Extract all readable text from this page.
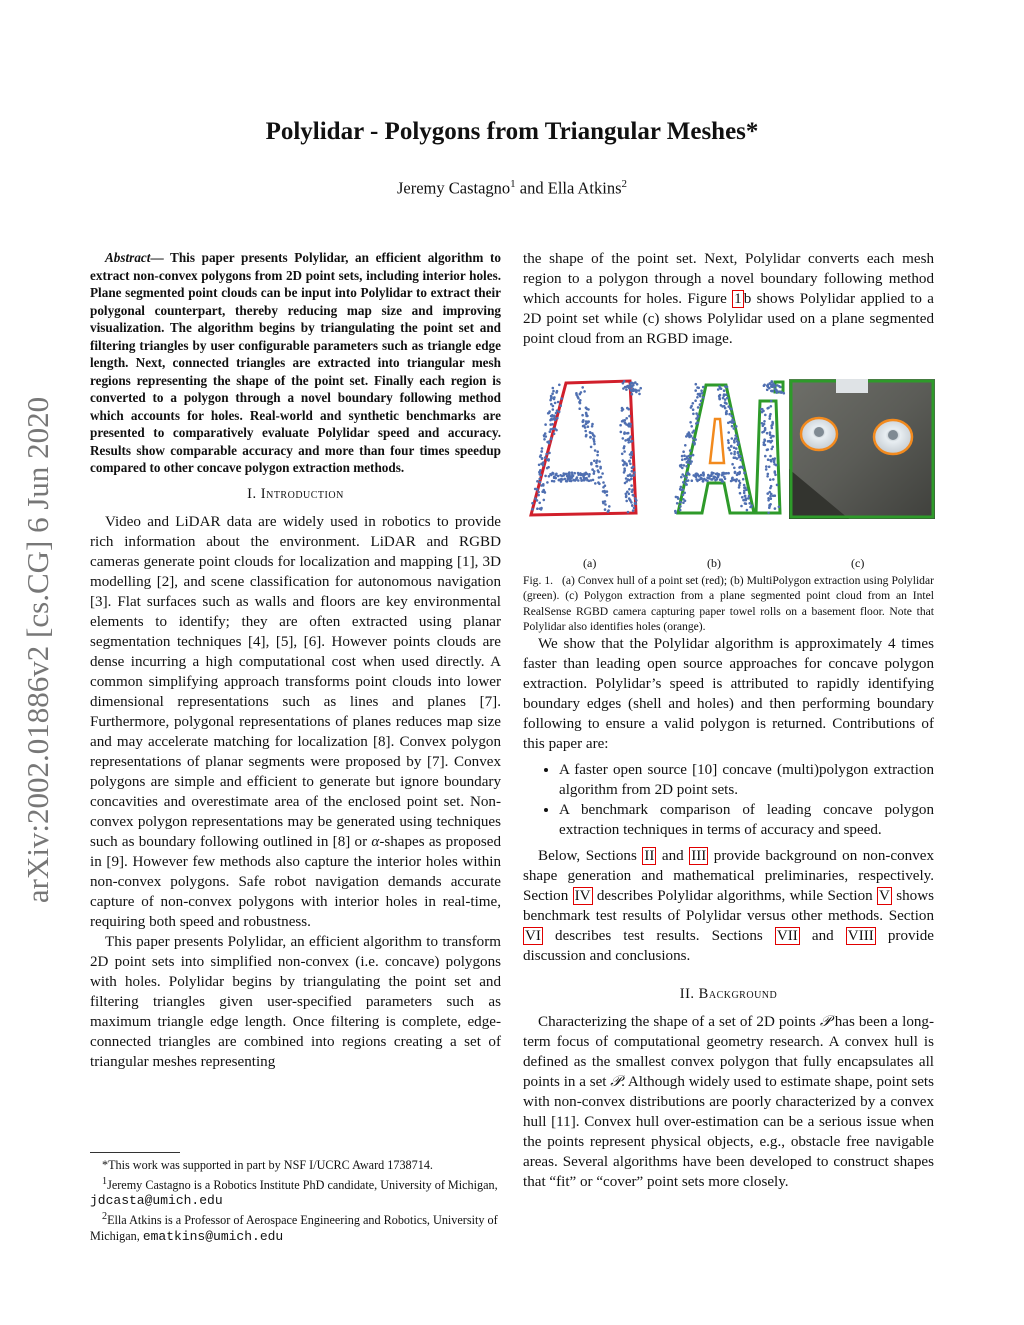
Polylidar - Polygons from Triangular Meshes*
Jeremy Castagno$^1$ and Ella Atkins$^2$
arXiv:2002.01886v2 [cs.CG] 6 Jun 2020

Abstract— This paper presents Polylidar, an efficient algorithm to extract non-convex polygons from 2D point sets, including interior holes. Plane segmented point clouds can be input into Polylidar to extract their polygonal counterpart, thereby reducing map size and improving visualization. The algorithm begins by triangulating the point set and filtering triangles by user configurable parameters such as triangle edge length. Next, connected triangles are extracted into triangular mesh regions representing the shape of the point set. Finally each region is converted to a polygon through a novel boundary following method which accounts for holes. Real-world and synthetic benchmarks are presented to comparatively evaluate Polylidar speed and accuracy. Results show comparable accuracy and more than four times speedup compared to other concave polygon extraction methods.

I. Introduction

Video and LiDAR data are widely used in robotics to provide rich information about the environment. LiDAR and RGBD cameras generate point clouds for localization and mapping [1], 3D modelling [2], and scene classification for autonomous navigation [3]. Flat surfaces such as walls and floors are key environmental elements to identify; they are often extracted using planar segmentation techniques [4], [5], [6]. However points clouds are dense incurring a high computational cost when used directly. A common simplifying approach transforms point clouds into lower dimensional representations such as lines and planes [7]. Furthermore, polygonal representations of planes reduces map size and may accelerate matching for localization [8]. Convex polygon representations of planar segments were proposed by [7]. Convex polygons are simple and efficient to generate but ignore boundary concavities and overestimate area of the enclosed point set. Non-convex polygon representations may be generated using techniques such as boundary following outlined in [8] or α-shapes as proposed in [9]. However few methods also capture the interior holes within non-convex polygons. Safe robot navigation demands accurate capture of non-convex polygons with interior holes in real-time, requiring both speed and robustness.

This paper presents Polylidar, an efficient algorithm to transform 2D point sets into simplified non-convex (i.e. concave) polygons with holes. Polylidar begins by triangulating the point set and filtering triangles given user-specified parameters such as maximum triangle edge length. Once filtering is complete, edge-connected triangles are combined into regions creating a set of triangular meshes representing

*This work was supported in part by NSF I/UCRC Award 1738714.

$^1$Jeremy Castagno is a Robotics Institute PhD candidate, University of Michigan, jdcasta@umich.edu

$^2$Ella Atkins is a Professor of Aerospace Engineering and Robotics, University of Michigan, ematkins@umich.edu

the shape of the point set. Next, Polylidar converts each mesh region to a polygon through a novel boundary following method which accounts for holes. Figure 1 b shows Polylidar applied to a 2D point set while (c) shows Polylidar used on a plane segmented point cloud from an RGBD image.

(a)	(b)	(c)

Fig. 1. (a) Convex hull of a point set (red); (b) MultiPolygon extraction using Polylidar (green). (c) Polygon extraction from a plane segmented point cloud from an Intel RealSense RGBD camera capturing paper towel rolls on a basement floor. Note that Polylidar also identifies holes (orange).

We show that the Polylidar algorithm is approximately 4 times faster than leading open source approaches for concave polygon extraction. Polylidar’s speed is attributed to rapidly identifying boundary edges (shell and holes) and then performing boundary following to ensure a valid polygon is returned. Contributions of this paper are:

• A faster open source [10] concave (multi)polygon extraction algorithm from 2D point sets.
• A benchmark comparison of leading concave polygon extraction techniques in terms of accuracy and speed.

Below, Sections II and III provide background on non-convex shape generation and mathematical preliminaries, respectively. Section IV describes Polylidar algorithms, while Section V shows benchmark test results of Polylidar versus other methods. Section VI describes test results. Sections VII and VIII provide discussion and conclusions.

II. Background

Characterizing the shape of a set of 2D points 𝒫 has been a long-term focus of computational geometry research. A convex hull is defined as the smallest convex polygon that fully encapsulates all points in a set 𝒫. Although widely used to estimate shape, point sets with non-convex distributions are poorly characterized by a convex hull [11]. Convex hull over-estimation can be a serious issue when the points represent physical objects, e.g., obstacle free navigable areas. Several algorithms have been developed to construct shapes that “fit” or “cover” point sets more closely.
